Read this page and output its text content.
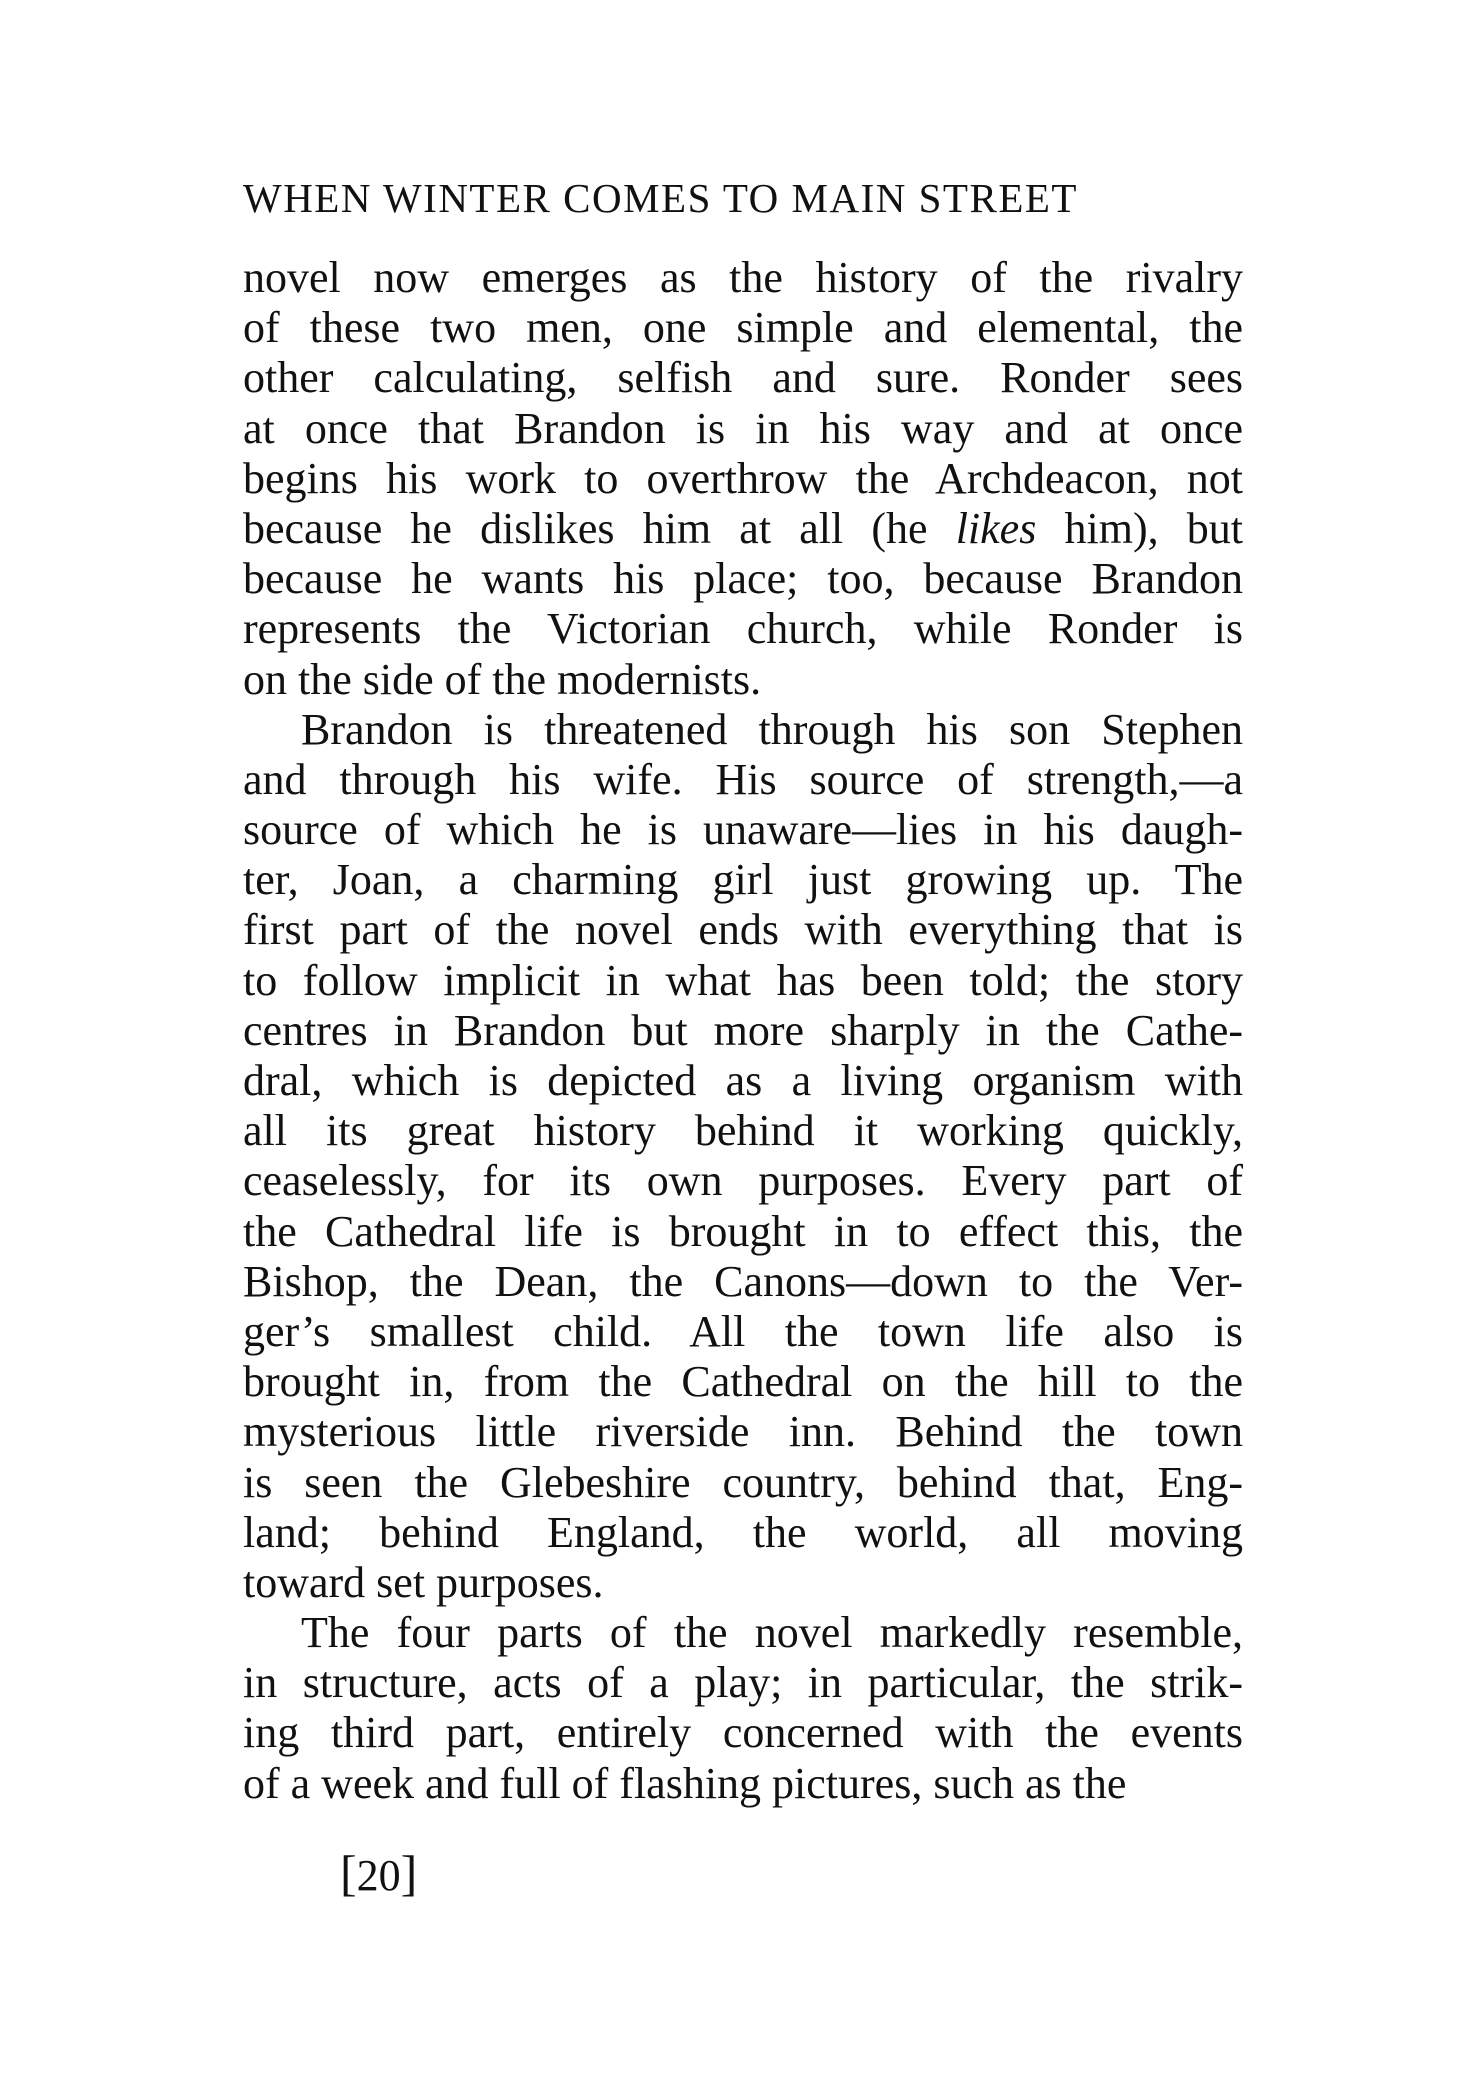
WHEN WINTER COMES TO MAIN STREET
novel now emerges as the history of the rivalry
of these two men, one simple and elemental, the
other calculating, selfish and sure. Ronder sees
at once that Brandon is in his way and at once
begins his work to overthrow the Archdeacon, not
because he dislikes him at all (he likes him), but
because he wants his place; too, because Brandon
represents the Victorian church, while Ronder is
on the side of the modernists.
Brandon is threatened through his son Stephen
and through his wife. His source of strength,—a
source of which he is unaware—lies in his daugh-
ter, Joan, a charming girl just growing up. The
first part of the novel ends with everything that is
to follow implicit in what has been told; the story
centres in Brandon but more sharply in the Cathe-
dral, which is depicted as a living organism with
all its great history behind it working quickly,
ceaselessly, for its own purposes. Every part of
the Cathedral life is brought in to effect this, the
Bishop, the Dean, the Canons—down to the Ver-
ger’s smallest child. All the town life also is
brought in, from the Cathedral on the hill to the
mysterious little riverside inn. Behind the town
is seen the Glebeshire country, behind that, Eng-
land; behind England, the world, all moving
toward set purposes.
The four parts of the novel markedly resemble,
in structure, acts of a play; in particular, the strik-
ing third part, entirely concerned with the events
of a week and full of flashing pictures, such as the
[20]
